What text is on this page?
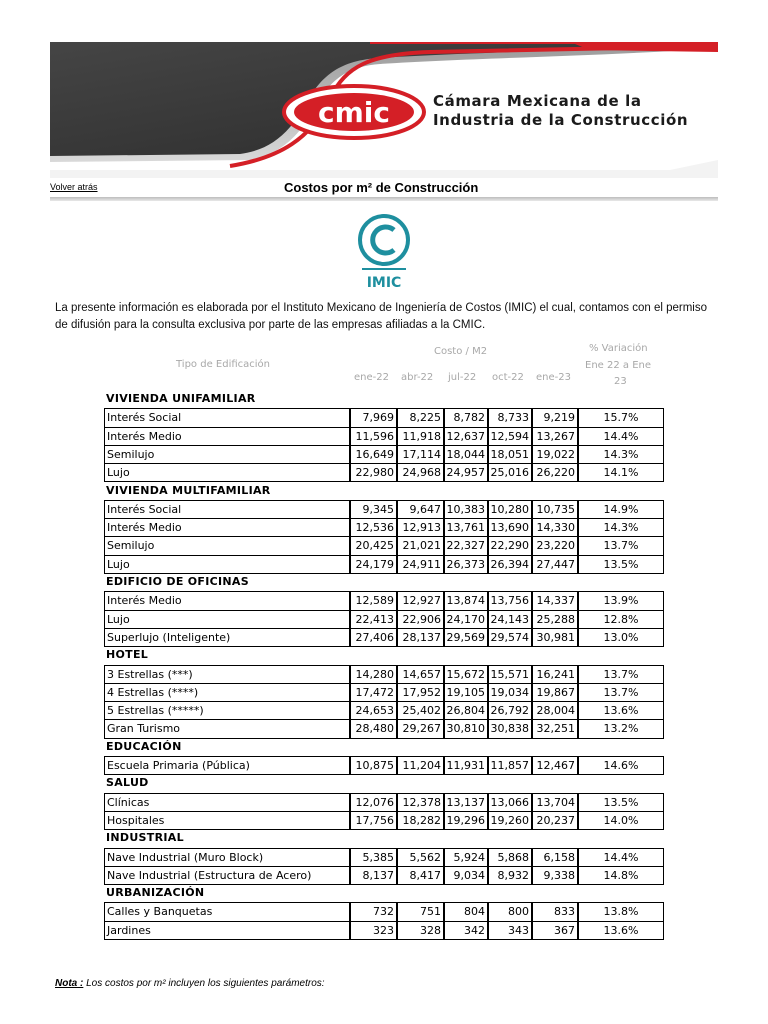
cmic	Cámara Mexicana de la
Industria de la Construcción
Volver atrás	Costos por m² de Construcción
IMIC
La presente información es elaborada por el Instituto Mexicano de Ingeniería de Costos (IMIC) el cual, contamos con el permiso de difusión para la consulta exclusiva por parte de las empresas afiliadas a la CMIC.
Tipo de Edificación
Costo / M2
ene-22 abr-22 jul-22 oct-22 ene-23
% Variación
Ene 22 a Ene
23
VIVIENDA UNIFAMILIAR
Interés Social	7,969	8,225	8,782	8,733	9,219	15.7%
Interés Medio	11,596 11,918 12,637 12,594 13,267	14.4%
Semilujo	16,649 17,114 18,044 18,051 19,022	14.3%
Lujo	22,980 24,968 24,957 25,016 26,220	14.1%
VIVIENDA MULTIFAMILIAR
Interés Social	9,345	9,647 10,383 10,280 10,735	14.9%
Interés Medio	12,536 12,913 13,761 13,690 14,330	14.3%
Semilujo	20,425 21,021 22,327 22,290 23,220	13.7%
Lujo	24,179 24,911 26,373 26,394 27,447	13.5%
EDIFICIO DE OFICINAS
Interés Medio	12,589 12,927 13,874 13,756 14,337	13.9%
Lujo	22,413 22,906 24,170 24,143 25,288	12.8%
Superlujo (Inteligente)	27,406 28,137 29,569 29,574 30,981	13.0%
HOTEL
3 Estrellas (***)	14,280 14,657 15,672 15,571 16,241	13.7%
4 Estrellas (****)	17,472 17,952 19,105 19,034 19,867	13.7%
5 Estrellas (*****)	24,653 25,402 26,804 26,792 28,004	13.6%
Gran Turismo	28,480 29,267 30,810 30,838 32,251	13.2%
EDUCACIÓN
Escuela Primaria (Pública)	10,875 11,204 11,931 11,857 12,467	14.6%
SALUD
Clínicas	12,076 12,378 13,137 13,066 13,704	13.5%
Hospitales	17,756 18,282 19,296 19,260 20,237	14.0%
INDUSTRIAL
Nave Industrial (Muro Block)	5,385	5,562	5,924	5,868	6,158	14.4%
Nave Industrial (Estructura de Acero)	8,137	8,417	9,034	8,932	9,338	14.8%
URBANIZACIÓN
Calles y Banquetas	732	751	804	800	833	13.8%
Jardines	323	328	342	343	367	13.6%
Nota : Los costos por m² incluyen los siguientes parámetros:
